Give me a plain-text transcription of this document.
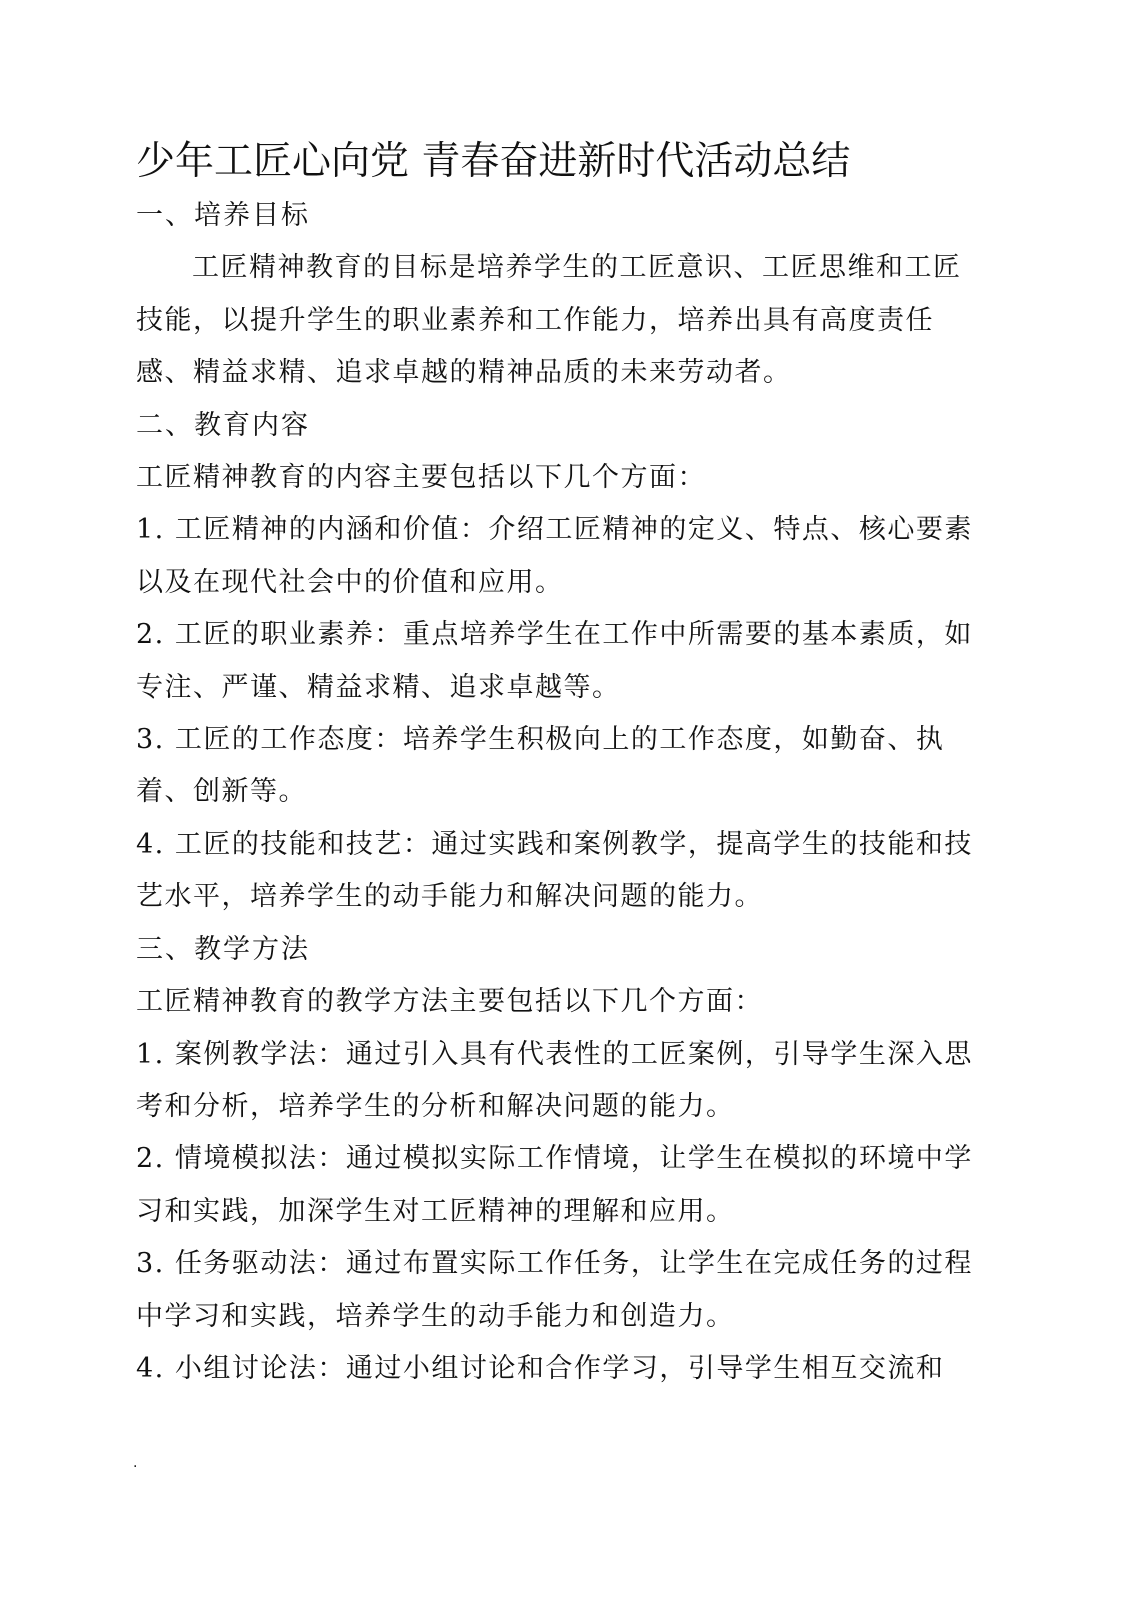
少年工匠心向党 青春奋进新时代活动总结

一、培养目标

工匠精神教育的目标是培养学生的工匠意识、工匠思维和工匠技能，以提升学生的职业素养和工作能力，培养出具有高度责任感、精益求精、追求卓越的精神品质的未来劳动者。

二、教育内容

工匠精神教育的内容主要包括以下几个方面：

1. 工匠精神的内涵和价值：介绍工匠精神的定义、特点、核心要素以及在现代社会中的价值和应用。

2. 工匠的职业素养：重点培养学生在工作中所需要的基本素质，如专注、严谨、精益求精、追求卓越等。

3. 工匠的工作态度：培养学生积极向上的工作态度，如勤奋、执着、创新等。

4. 工匠的技能和技艺：通过实践和案例教学，提高学生的技能和技艺水平，培养学生的动手能力和解决问题的能力。

三、教学方法

工匠精神教育的教学方法主要包括以下几个方面：

1. 案例教学法：通过引入具有代表性的工匠案例，引导学生深入思考和分析，培养学生的分析和解决问题的能力。

2. 情境模拟法：通过模拟实际工作情境，让学生在模拟的环境中学习和实践，加深学生对工匠精神的理解和应用。

3. 任务驱动法：通过布置实际工作任务，让学生在完成任务的过程中学习和实践，培养学生的动手能力和创造力。

4. 小组讨论法：通过小组讨论和合作学习，引导学生相互交流和

.
